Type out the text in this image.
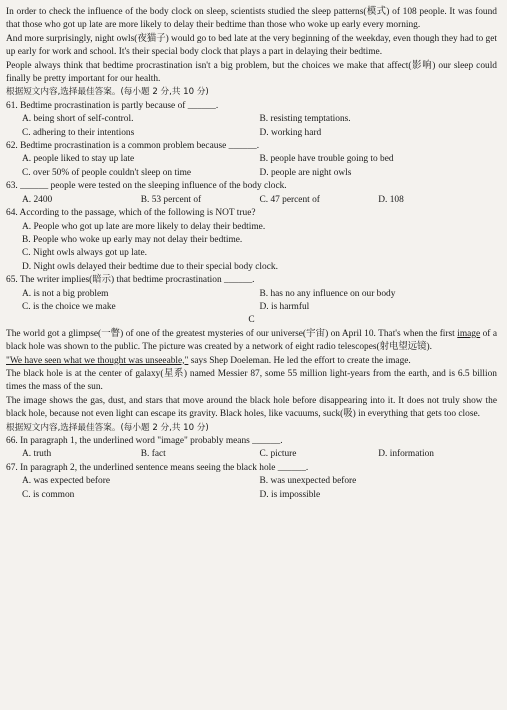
In order to check the influence of the body clock on sleep, scientists studied the sleep patterns(模式) of 108 people. It was found that those who got up late are more likely to delay their bedtime than those who woke up early every morning.

And more surprisingly, night owls(夜猫子) would go to bed late at the very beginning of the weekday, even though they had to get up early for work and school. It's their special body clock that plays a part in delaying their bedtime.

People always think that bedtime procrastination isn't a big problem, but the choices we make that affect(影响) our sleep could finally be pretty important for our health.

根据短文内容,选择最佳答案。(每小题 2 分,共 10 分)

61. Bedtime procrastination is partly because of ______.

A. being short of self-control.	B. resisting temptations.
C. adhering to their intentions	D. working hard

62. Bedtime procrastination is a common problem because ______.

A. people liked to stay up late	B. people have trouble going to bed
C. over 50% of people couldn't sleep on time	D. people are night owls

63. ______ people were tested on the sleeping influence of the body clock.

A. 2400	B. 53 percent of	C. 47 percent of	D. 108

64. According to the passage, which of the following is NOT true?

A. People who got up late are more likely to delay their bedtime.
B. People who woke up early may not delay their bedtime.
C. Night owls always got up late.
D. Night owls delayed their bedtime due to their special body clock.

65. The writer implies(暗示) that bedtime procrastination ______.

A. is not a big problem	B. has no any influence on our body
C. is the choice we make	D. is harmful

C

The world got a glimpse(一瞥) of one of the greatest mysteries of our universe(宇宙) on April 10. That's when the first image of a black hole was shown to the public. The picture was created by a network of eight radio telescopes(射电望远镜).

"We have seen what we thought was unseeable," says Shep Doeleman. He led the effort to create the image.

The black hole is at the center of galaxy(星系) named Messier 87, some 55 million light-years from the earth, and is 6.5 billion times the mass of the sun.

The image shows the gas, dust, and stars that move around the black hole before disappearing into it. It does not truly show the black hole, because not even light can escape its gravity. Black holes, like vacuums, suck(吸) in everything that gets too close.

根据短文内容,选择最佳答案。(每小题 2 分,共 10 分)

66. In paragraph 1, the underlined word "image" probably means ______.

A. truth	B. fact	C. picture	D. information

67. In paragraph 2, the underlined sentence means seeing the black hole ______.

A. was expected before	B. was unexpected before
C. is common	D. is impossible
